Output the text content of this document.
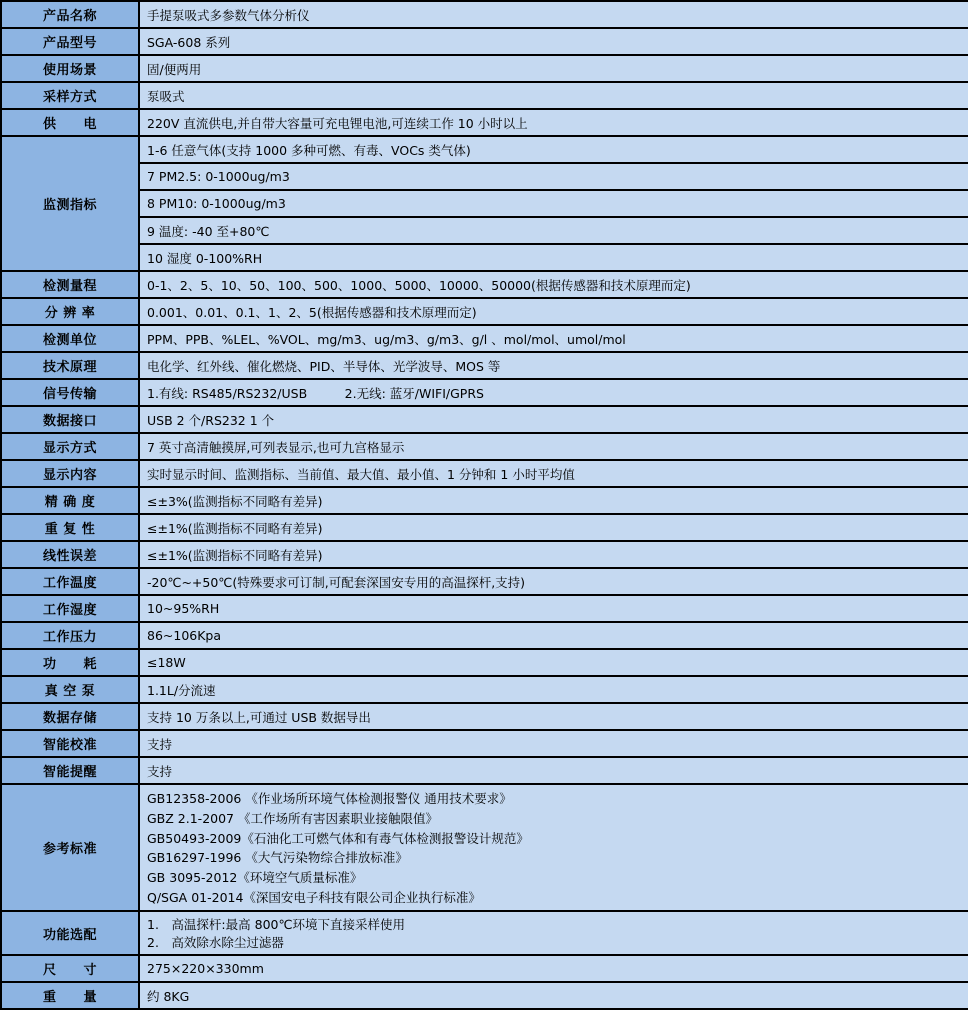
产品名称	手提泵吸式多参数气体分析仪
产品型号	SGA-608 系列
使用场景	固/便两用
采样方式	泵吸式
供　　电	220V 直流供电,并自带大容量可充电锂电池,可连续工作 10 小时以上
监测指标
1-6 任意气体(支持 1000 多种可燃、有毒、VOCs 类气体)
7 PM2.5: 0-1000ug/m3
8 PM10: 0-1000ug/m3
9 温度: -40 至+80℃
10 湿度 0-100%RH
检测量程	0-1、2、5、10、50、100、500、1000、5000、10000、50000(根据传感器和技术原理而定)
分 辨 率	0.001、0.01、0.1、1、2、5(根据传感器和技术原理而定)
检测单位	PPM、PPB、%LEL、%VOL、mg/m3、ug/m3、g/m3、g/l 、mol/mol、umol/mol
技术原理	电化学、红外线、催化燃烧、PID、半导体、光学波导、MOS 等
信号传输	1.有线: RS485/RS232/USB　　　2.无线: 蓝牙/WIFI/GPRS
数据接口	USB 2 个/RS232 1 个
显示方式	7 英寸高清触摸屏,可列表显示,也可九宫格显示
显示内容	实时显示时间、监测指标、当前值、最大值、最小值、1 分钟和 1 小时平均值
精 确 度	≤±3%(监测指标不同略有差异)
重 复 性	≤±1%(监测指标不同略有差异)
线性误差	≤±1%(监测指标不同略有差异)
工作温度	-20℃~+50℃(特殊要求可订制,可配套深国安专用的高温探杆,支持)
工作湿度	10~95%RH
工作压力	86~106Kpa
功　　耗	≤18W
真 空 泵	1.1L/分流速
数据存储	支持 10 万条以上,可通过 USB 数据导出
智能校准	支持
智能提醒	支持
参考标准
GB12358-2006 《作业场所环境气体检测报警仪 通用技术要求》
GBZ 2.1-2007 《工作场所有害因素职业接触限值》
GB50493-2009《石油化工可燃气体和有毒气体检测报警设计规范》
GB16297-1996 《大气污染物综合排放标准》
GB 3095-2012《环境空气质量标准》
Q/SGA 01-2014《深国安电子科技有限公司企业执行标准》
功能选配
1.　高温探杆:最高 800℃环境下直接采样使用
2.　高效除水除尘过滤器
尺　　寸	275×220×330mm
重　　量	约 8KG
